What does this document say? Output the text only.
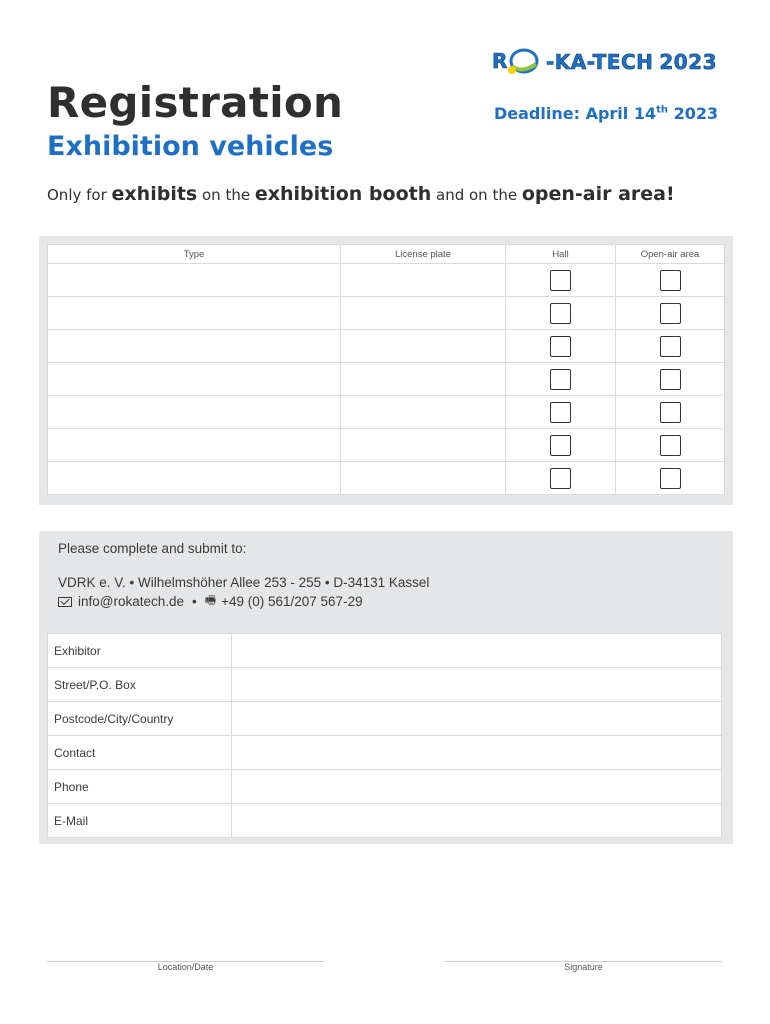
R -KA-TECH 2023
Registration
Exhibition vehicles
Deadline: April 14th 2023
Only for exhibits on the exhibition booth and on the open-air area!
Type	License plate	Hall	Open-air area

Please complete and submit to:
VDRK e. V. • Wilhelmshöher Allee 253 - 255 • D-34131 Kassel
info@rokatech.de • 🖷 +49 (0) 561/207 567-29
Exhibitor	
Street/P.O. Box	
Postcode/City/Country	
Contact	
Phone	
E-Mail	
Location/Date	Signature
